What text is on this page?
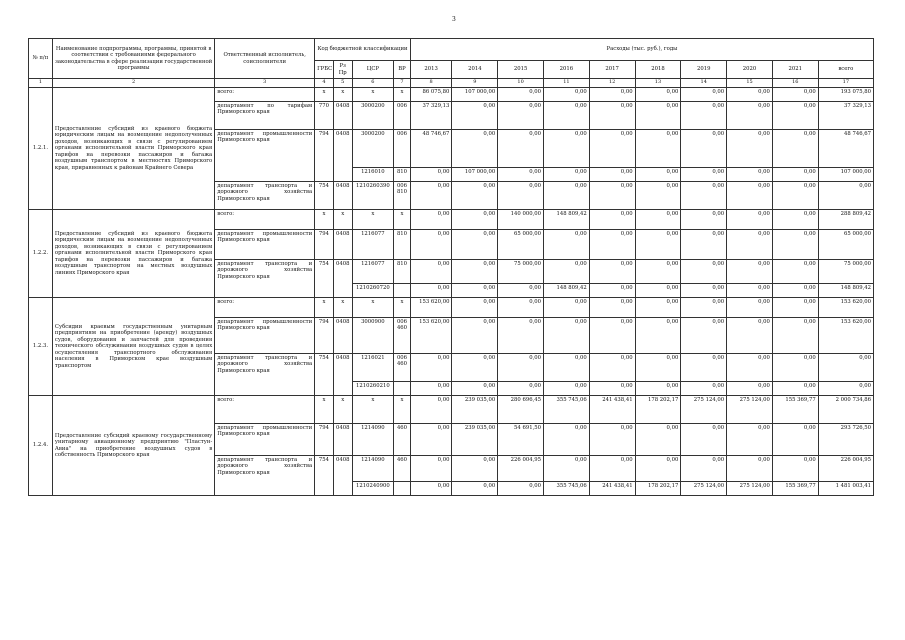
3
№ п/п	Наименование подпрограммы, программы, принятой в соответствии с требованиями федерального законодательства в сфере реализации государственной программы	Ответственный исполнитель, соисполнители	Код бюджетной классификации				Расходы (тыс. руб.), годы									
			ГРБС	Рз Пр	ЦСР	ВР	2013	2014	2015	2016	2017	2018	2019	2020	2021	всего
1	2	3	4	5	6	7	8	9	10	11	12	13	14	15	16	17
1.2.1.	Предоставление субсидий из краевого бюджета юридическим лицам на возмещение недополученных доходов, возникающих в связи с регулированием органами исполнительной власти Приморского края тарифов на перевозки пассажиров и багажа воздушным транспортом в местностях Приморского края, приравненных к районам Крайнего Севера	всего:	x	x	x	x	86 075,80	107 000,00	0,00	0,00	0,00	0,00	0,00	0,00	0,00	193 075,80
		департамент по тарифам Приморского края	770	0408	3000200	006	37 329,13	0,00	0,00	0,00	0,00	0,00	0,00	0,00	0,00	37 329,13
		департамент промышленности Приморского края	794	0408	3000200	006	48 746,67	0,00	0,00	0,00	0,00	0,00	0,00	0,00	0,00	48 746,67
					1216010	810	0,00	107 000,00	0,00	0,00	0,00	0,00	0,00	0,00	0,00	107 000,00
		департамент транспорта и дорожного хозяйства Приморского края	754	0408	1210260390	006 810	0,00	0,00	0,00	0,00	0,00	0,00	0,00	0,00	0,00	0,00
1.2.2.	Предоставление субсидий из краевого бюджета юридическим лицам на возмещение недополученных доходов, возникающих в связи с регулированием органами исполнительной власти Приморского края тарифов на перевозки пассажиров и багажа воздушным транспортом на местных воздушных линиях Приморского края	всего:	x	x	x	x	0,00	0,00	140 000,00	148 809,42	0,00	0,00	0,00	0,00	0,00	288 809,42
		департамент промышленности Приморского края	794	0408	1216077	810	0,00	0,00	65 000,00	0,00	0,00	0,00	0,00	0,00	0,00	65 000,00
		департамент транспорта и дорожного хозяйства Приморского края	754	0408	1216077	810	0,00	0,00	75 000,00	0,00	0,00	0,00	0,00	0,00	0,00	75 000,00
					1210260720		0,00	0,00	0,00	148 809,42	0,00	0,00	0,00	0,00	0,00	148 809,42
1.2.3.	Субсидии краевым государственным унитарным предприятиям на приобретение (аренду) воздушных судов, оборудования и запчастей для проведения технического обслуживания воздушных судов в целях осуществления транспортного обслуживания населения в Приморском крае воздушным транспортом	всего:	x	x	x	x	153 620,00	0,00	0,00	0,00	0,00	0,00	0,00	0,00	0,00	153 620,00
		департамент промышленности Приморского края	794	0408	3000900	006 460	153 620,00	0,00	0,00	0,00	0,00	0,00	0,00	0,00	0,00	153 620,00
		департамент транспорта и дорожного хозяйства Приморского края	754	0408	1216021	006 460	0,00	0,00	0,00	0,00	0,00	0,00	0,00	0,00	0,00	0,00
					1210260210		0,00	0,00	0,00	0,00	0,00	0,00	0,00	0,00	0,00	0,00
1.2.4.	Предоставление субсидий краевому государственному унитарному авиационному предприятию "Пластун-Авиа" на приобретение воздушных судов в собственность Приморского края	всего:	x	x	x	x	0,00	239 035,00	280 696,45	355 745,06	241 438,41	178 202,17	275 124,00	275 124,00	155 369,77	2 000 734,86
		департамент промышленности Приморского края	794	0408	1214090	460	0,00	239 035,00	54 691,50	0,00	0,00	0,00	0,00	0,00	0,00	293 726,50
		департамент транспорта и дорожного хозяйства Приморского края	754	0408	1214090	460	0,00	0,00	226 004,95	0,00	0,00	0,00	0,00	0,00	0,00	226 004,95
					1210240900		0,00	0,00	0,00	355 745,06	241 438,41	178 202,17	275 124,00	275 124,00	155 369,77	1 481 003,41
